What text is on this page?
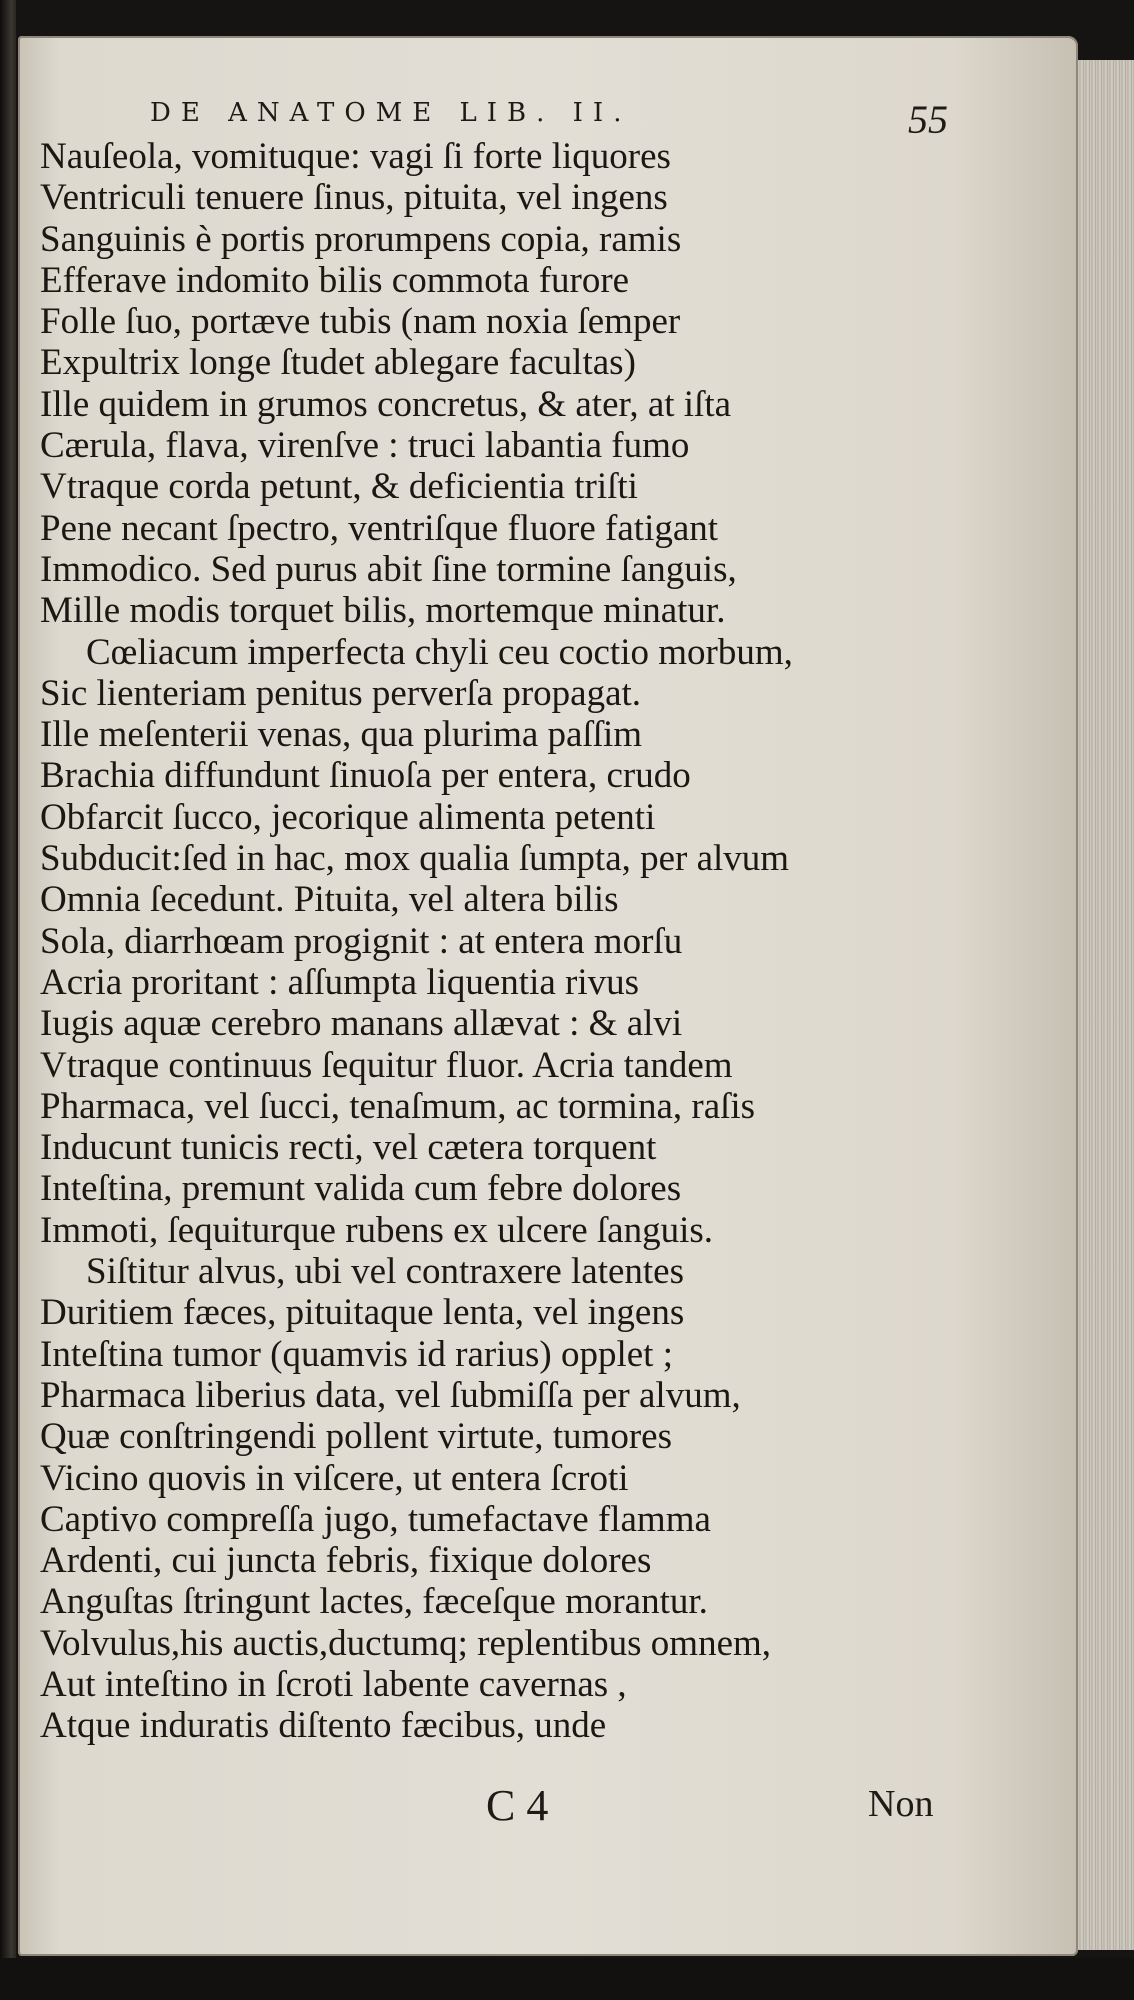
DE ANATOME LIB. II.	55
Nauſeola, vomituque: vagi ſi forte liquores
Ventriculi tenuere ſinus, pituita, vel ingens
Sanguinis è portis prorumpens copia, ramis
Efferave indomito bilis commota furore
Folle ſuo, portæve tubis (nam noxia ſemper
Expultrix longe ſtudet ablegare facultas)
Ille quidem in grumos concretus, & ater, at iſta
Cærula, flava, virenſve : truci labantia fumo
Vtraque corda petunt, & deficientia triſti
Pene necant ſpectro, ventriſque fluore fatigant
Immodico. Sed purus abit ſine tormine ſanguis,
Mille modis torquet bilis, mortemque minatur.
Cœliacum imperfecta chyli ceu coctio morbum,
Sic lienteriam penitus perverſa propagat.
Ille meſenterii venas, qua plurima paſſim
Brachia diffundunt ſinuoſa per entera, crudo
Obfarcit ſucco, jecorique alimenta petenti
Subducit:ſed in hac, mox qualia ſumpta, per alvum
Omnia ſecedunt. Pituita, vel altera bilis
Sola, diarrhœam progignit : at entera morſu
Acria proritant : aſſumpta liquentia rivus
Iugis aquæ cerebro manans allævat : & alvi
Vtraque continuus ſequitur fluor. Acria tandem
Pharmaca, vel ſucci, tenaſmum, ac tormina, raſis
Inducunt tunicis recti, vel cætera torquent
Inteſtina, premunt valida cum febre dolores
Immoti, ſequiturque rubens ex ulcere ſanguis.
Siſtitur alvus, ubi vel contraxere latentes
Duritiem fæces, pituitaque lenta, vel ingens
Inteſtina tumor (quamvis id rarius) opplet ;
Pharmaca liberius data, vel ſubmiſſa per alvum,
Quæ conſtringendi pollent virtute, tumores
Vicino quovis in viſcere, ut entera ſcroti
Captivo compreſſa jugo, tumefactave flamma
Ardenti, cui juncta febris, fixique dolores
Anguſtas ſtringunt lactes, fæceſque morantur.
Volvulus,his auctis,ductumq; replentibus omnem,
Aut inteſtino in ſcroti labente cavernas ,
Atque induratis diſtento fæcibus, unde
C 4	Non
